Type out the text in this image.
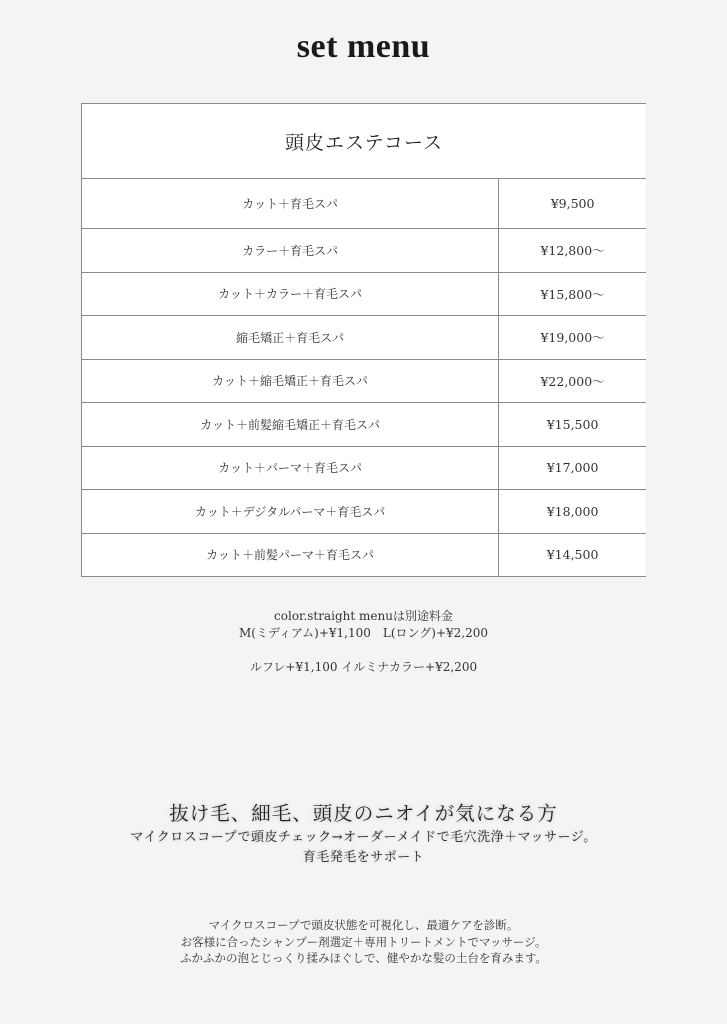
set menu
頭皮エステコース	
カット＋育毛スパ	¥9,500
カラー＋育毛スパ	¥12,800〜
カット＋カラー＋育毛スパ	¥15,800〜
縮毛矯正＋育毛スパ	¥19,000〜
カット＋縮毛矯正＋育毛スパ	¥22,000〜
カット＋前髪縮毛矯正＋育毛スパ	¥15,500
カット＋パーマ＋育毛スパ	¥17,000
カット＋デジタルパーマ＋育毛スパ	¥18,000
カット＋前髪パーマ＋育毛スパ	¥14,500
color.straight menuは別途料金
M(ミディアム)+¥1,100　L(ロング)+¥2,200
ルフレ+¥1,100 イルミナカラー+¥2,200
抜け毛、細毛、頭皮のニオイが気になる方
マイクロスコープで頭皮チェック→オーダーメイドで毛穴洗浄＋マッサージ。
育毛発毛をサポート
マイクロスコープで頭皮状態を可視化し、最適ケアを診断。
お客様に合ったシャンプー剤選定＋専用トリートメントでマッサージ。
ふかふかの泡とじっくり揉みほぐしで、健やかな髪の土台を育みます。
